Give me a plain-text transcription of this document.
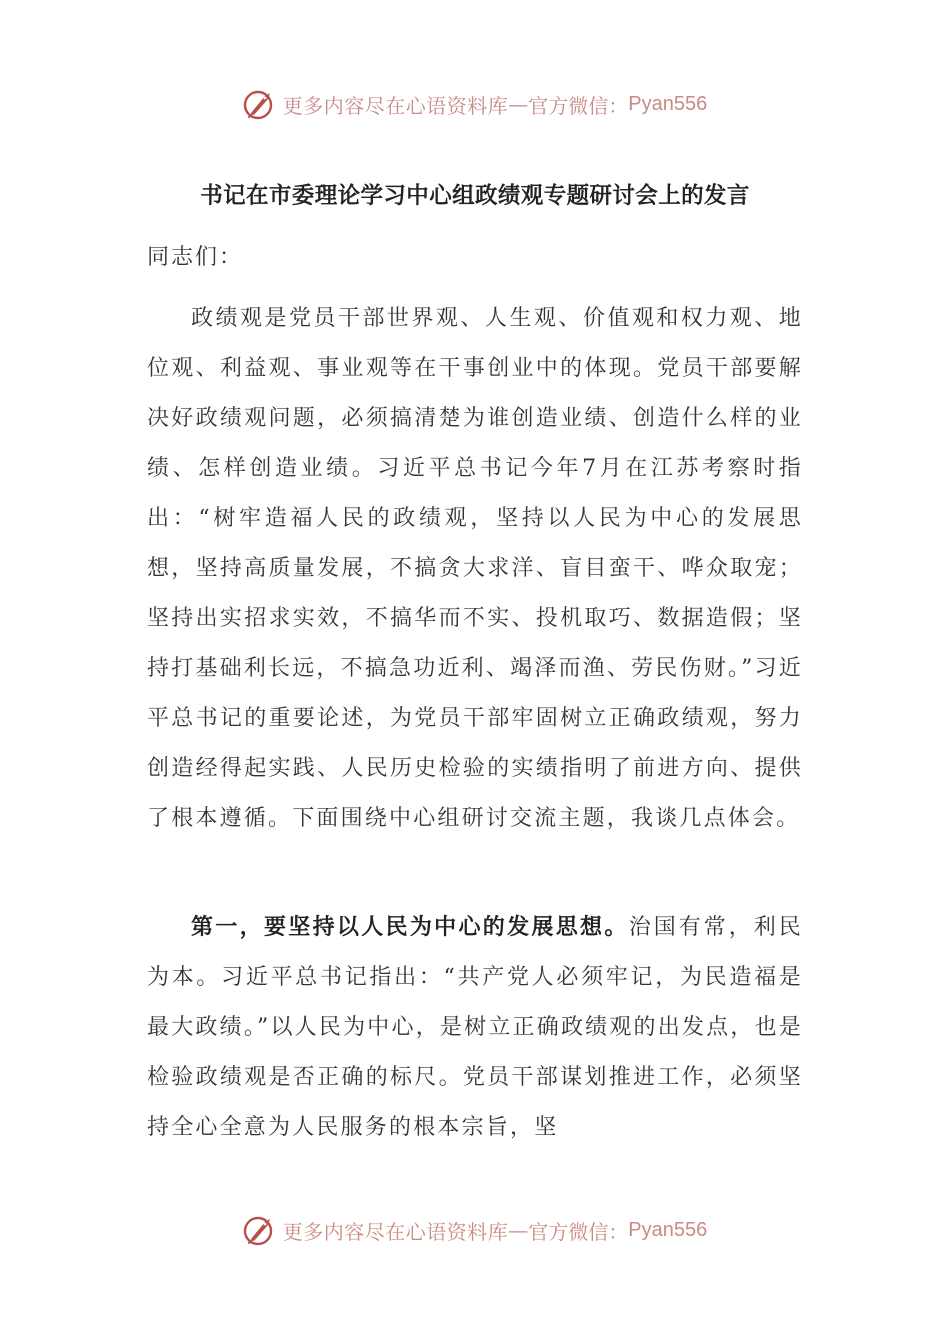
更多内容尽在心语资料库 — 官方微信： Pyan556
书记在市委理论学习中心组政绩观专题研讨会上的发言

同志们：

政绩观是党员干部世界观、人生观、价值观和权力观、地位观、利益观、事业观等在干事创业中的体现。党员干部要解决好政绩观问题，必须搞清楚为谁创造业绩、创造什么样的业绩、怎样创造业绩。习近平总书记今年7月在江苏考察时指出：“树牢造福人民的政绩观，坚持以人民为中心的发展思想，坚持高质量发展，不搞贪大求洋、盲目蛮干、哗众取宠；坚持出实招求实效，不搞华而不实、投机取巧、数据造假；坚持打基础利长远，不搞急功近利、竭泽而渔、劳民伤财。”习近平总书记的重要论述，为党员干部牢固树立正确政绩观，努力创造经得起实践、人民历史检验的实绩指明了前进方向、提供了根本遵循。下面围绕中心组研讨交流主题，我谈几点体会。

第一，要坚持以人民为中心的发展思想。治国有常，利民为本。习近平总书记指出：“共产党人必须牢记，为民造福是最大政绩。”以人民为中心，是树立正确政绩观的出发点，也是检验政绩观是否正确的标尺。党员干部谋划推进工作，必须坚持全心全意为人民服务的根本宗旨，坚

更多内容尽在心语资料库 — 官方微信： Pyan556
